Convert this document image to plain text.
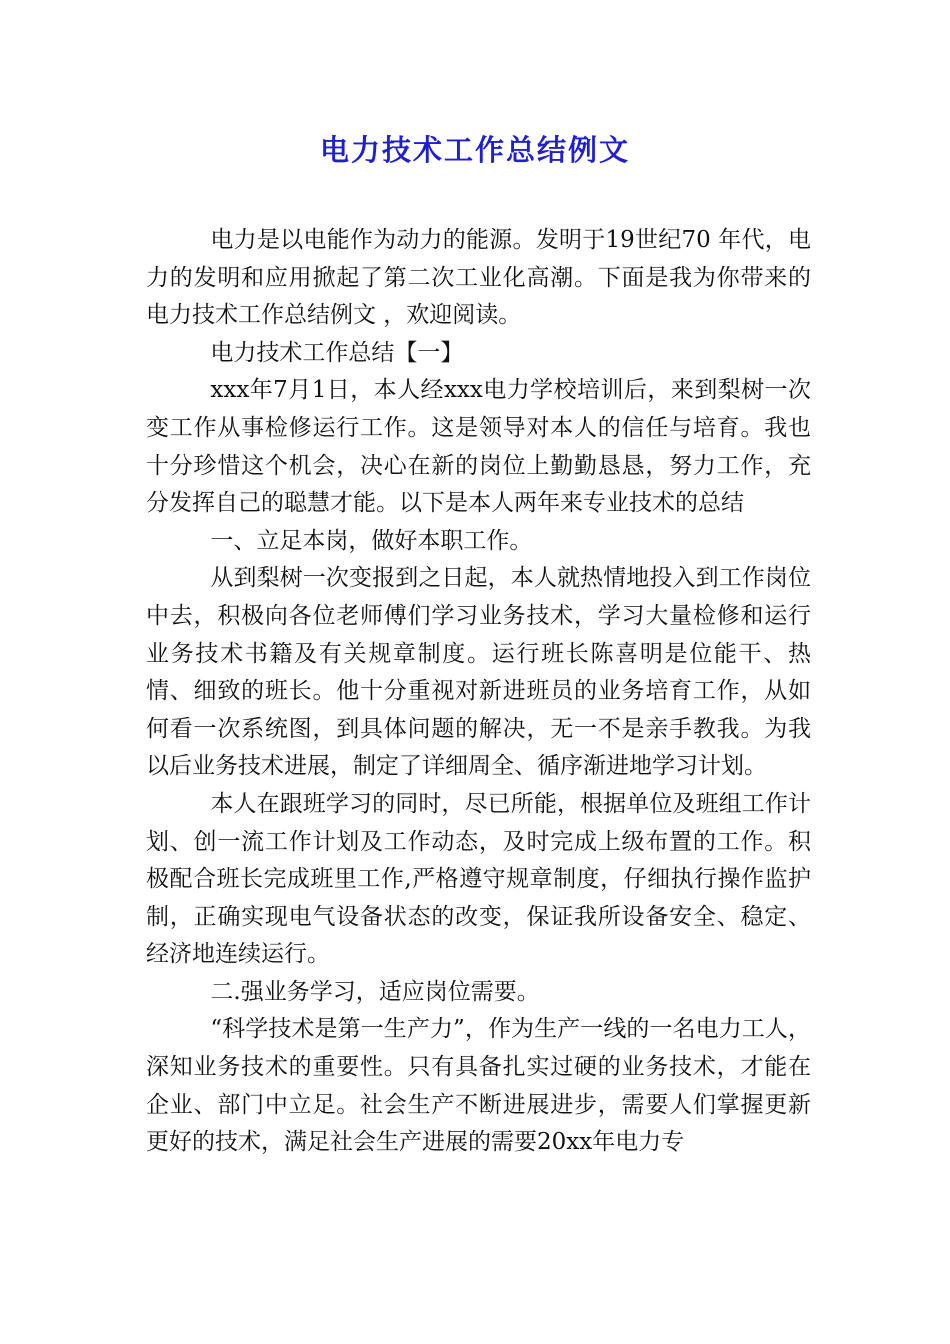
电力技术工作总结例文

电力是以电能作为动力的能源。发明于19世纪70 年代，电力的发明和应用掀起了第二次工业化高潮。下面是我为你带来的电力技术工作总结例文 ，欢迎阅读。

电力技术工作总结【一】

xxx年7月1日，本人经xxx电力学校培训后，来到梨树一次变工作从事检修运行工作。这是领导对本人的信任与培育。我也十分珍惜这个机会，决心在新的岗位上勤勤恳恳，努力工作，充分发挥自己的聪慧才能。以下是本人两年来专业技术的总结

一、立足本岗，做好本职工作。

从到梨树一次变报到之日起，本人就热情地投入到工作岗位中去，积极向各位老师傅们学习业务技术，学习大量检修和运行业务技术书籍及有关规章制度。运行班长陈喜明是位能干、热情、细致的班长。他十分重视对新进班员的业务培育工作，从如何看一次系统图，到具体问题的解决，无一不是亲手教我。为我以后业务技术进展，制定了详细周全、循序渐进地学习计划。

本人在跟班学习的同时，尽已所能，根据单位及班组工作计划、创一流工作计划及工作动态，及时完成上级布置的工作。积极配合班长完成班里工作,严格遵守规章制度，仔细执行操作监护制，正确实现电气设备状态的改变，保证我所设备安全、稳定、经济地连续运行。

二.强业务学习，适应岗位需要。

“科学技术是第一生产力”，作为生产一线的一名电力工人，深知业务技术的重要性。只有具备扎实过硬的业务技术，才能在企业、部门中立足。社会生产不断进展进步，需要人们掌握更新更好的技术，满足社会生产进展的需要20xx年电力专
